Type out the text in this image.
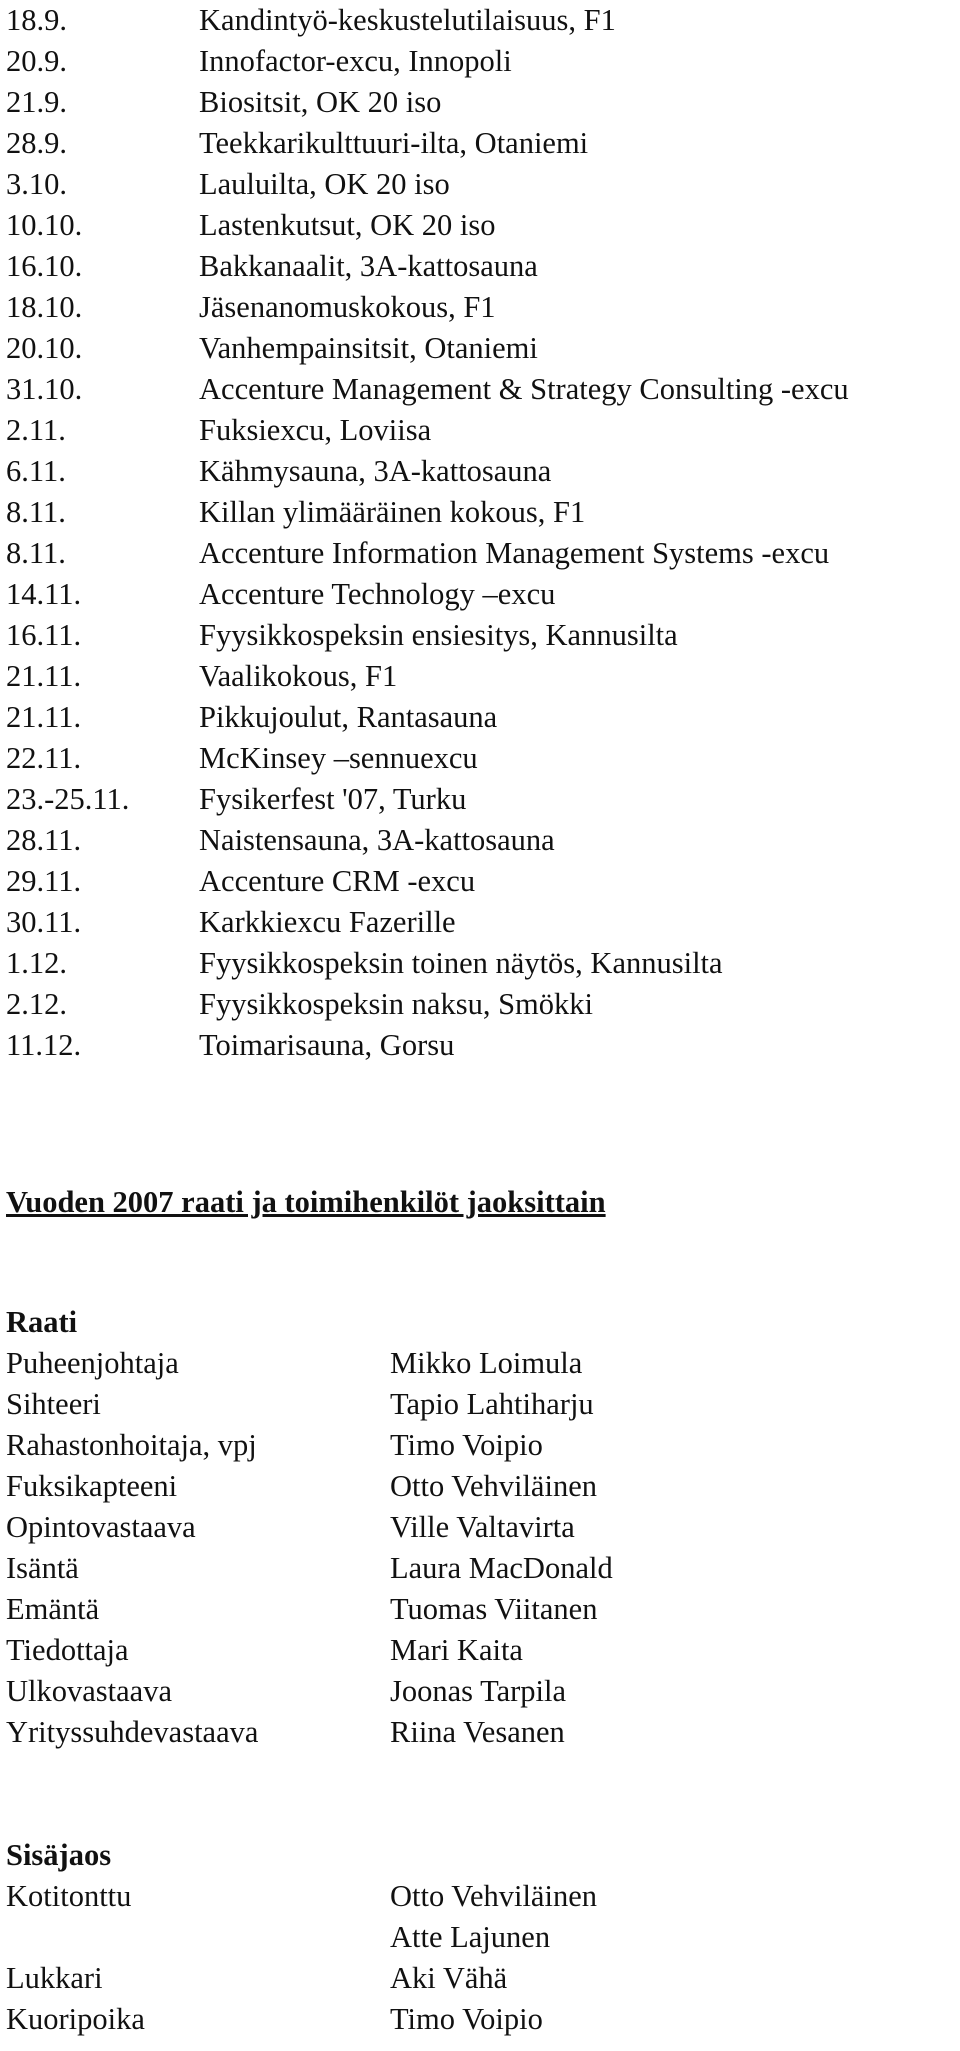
18.9.	Kandintyö-keskustelutilaisuus, F1
20.9.	Innofactor-excu, Innopoli
21.9.	Biositsit, OK 20 iso
28.9.	Teekkarikulttuuri-ilta, Otaniemi
3.10.	Lauluilta, OK 20 iso
10.10.	Lastenkutsut, OK 20 iso
16.10.	Bakkanaalit, 3A-kattosauna
18.10.	Jäsenanomuskokous, F1
20.10.	Vanhempainsitsit, Otaniemi
31.10.	Accenture Management & Strategy Consulting -excu
2.11.	Fuksiexcu, Loviisa
6.11.	Kähmysauna, 3A-kattosauna
8.11.	Killan ylimääräinen kokous, F1
8.11.	Accenture Information Management Systems -excu
14.11.	Accenture Technology –excu
16.11.	Fyysikkospeksin ensiesitys, Kannusilta
21.11.	Vaalikokous, F1
21.11.	Pikkujoulut, Rantasauna
22.11.	McKinsey –sennuexcu
23.-25.11.	Fysikerfest '07, Turku
28.11.	Naistensauna, 3A-kattosauna
29.11.	Accenture CRM -excu
30.11.	Karkkiexcu Fazerille
1.12.	Fyysikkospeksin toinen näytös, Kannusilta
2.12.	Fyysikkospeksin naksu, Smökki
11.12.	Toimarisauna, Gorsu
Vuoden 2007 raati ja toimihenkilöt jaoksittain
Raati
Puheenjohtaja	Mikko Loimula
Sihteeri	Tapio Lahtiharju
Rahastonhoitaja, vpj	Timo Voipio
Fuksikapteeni	Otto Vehviläinen
Opintovastaava	Ville Valtavirta
Isäntä	Laura MacDonald
Emäntä	Tuomas Viitanen
Tiedottaja	Mari Kaita
Ulkovastaava	Joonas Tarpila
Yrityssuhdevastaava	Riina Vesanen
Sisäjaos
Kotitonttu	Otto Vehviläinen
Atte Lajunen
Lukkari	Aki Vähä
Kuoripoika	Timo Voipio
